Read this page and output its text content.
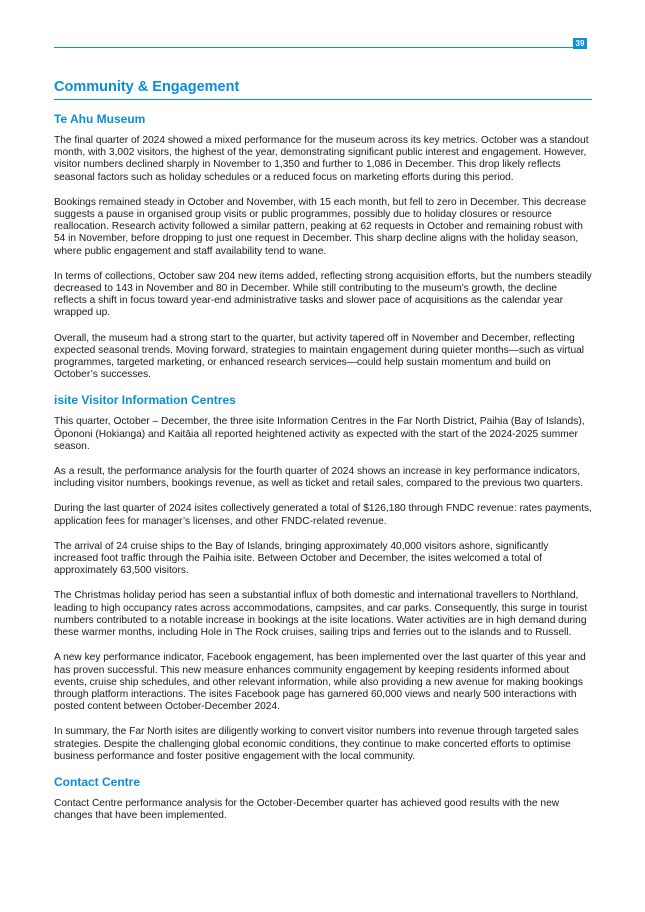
39
Community & Engagement
Te Ahu Museum

The final quarter of 2024 showed a mixed performance for the museum across its key metrics. October was a standout month, with 3,002 visitors, the highest of the year, demonstrating significant public interest and engagement. However, visitor numbers declined sharply in November to 1,350 and further to 1,086 in December. This drop likely reflects seasonal factors such as holiday schedules or a reduced focus on marketing efforts during this period.

Bookings remained steady in October and November, with 15 each month, but fell to zero in December. This decrease suggests a pause in organised group visits or public programmes, possibly due to holiday closures or resource reallocation. Research activity followed a similar pattern, peaking at 62 requests in October and remaining robust with 54 in November, before dropping to just one request in December. This sharp decline aligns with the holiday season, where public engagement and staff availability tend to wane.

In terms of collections, October saw 204 new items added, reflecting strong acquisition efforts, but the numbers steadily decreased to 143 in November and 80 in December. While still contributing to the museum's growth, the decline reflects a shift in focus toward year-end administrative tasks and slower pace of acquisitions as the calendar year wrapped up.

Overall, the museum had a strong start to the quarter, but activity tapered off in November and December, reflecting expected seasonal trends. Moving forward, strategies to maintain engagement during quieter months—such as virtual programmes, targeted marketing, or enhanced research services—could help sustain momentum and build on October’s successes.

isite Visitor Information Centres

This quarter, October – December, the three isite Information Centres in the Far North District, Paihia (Bay of Islands), Ōpononi (Hokianga) and Kaitāia all reported heightened activity as expected with the start of the 2024-2025 summer season.

As a result, the performance analysis for the fourth quarter of 2024 shows an increase in key performance indicators, including visitor numbers, bookings revenue, as well as ticket and retail sales, compared to the previous two quarters.

During the last quarter of 2024 isites collectively generated a total of $126,180 through FNDC revenue: rates payments, application fees for manager’s licenses, and other FNDC-related revenue.

The arrival of 24 cruise ships to the Bay of Islands, bringing approximately 40,000 visitors ashore, significantly increased foot traffic through the Paihia isite. Between October and December, the isites welcomed a total of approximately 63,500 visitors.

The Christmas holiday period has seen a substantial influx of both domestic and international travellers to Northland, leading to high occupancy rates across accommodations, campsites, and car parks. Consequently, this surge in tourist numbers contributed to a notable increase in bookings at the isite locations. Water activities are in high demand during these warmer months, including Hole in The Rock cruises, sailing trips and ferries out to the islands and to Russell.

A new key performance indicator, Facebook engagement, has been implemented over the last quarter of this year and has proven successful. This new measure enhances community engagement by keeping residents informed about events, cruise ship schedules, and other relevant information, while also providing a new avenue for making bookings through platform interactions. The isites Facebook page has garnered 60,000 views and nearly 500 interactions with posted content between October-December 2024.

In summary, the Far North isites are diligently working to convert visitor numbers into revenue through targeted sales strategies. Despite the challenging global economic conditions, they continue to make concerted efforts to optimise business performance and foster positive engagement with the local community.

Contact Centre

Contact Centre performance analysis for the October-December quarter has achieved good results with the new changes that have been implemented.
